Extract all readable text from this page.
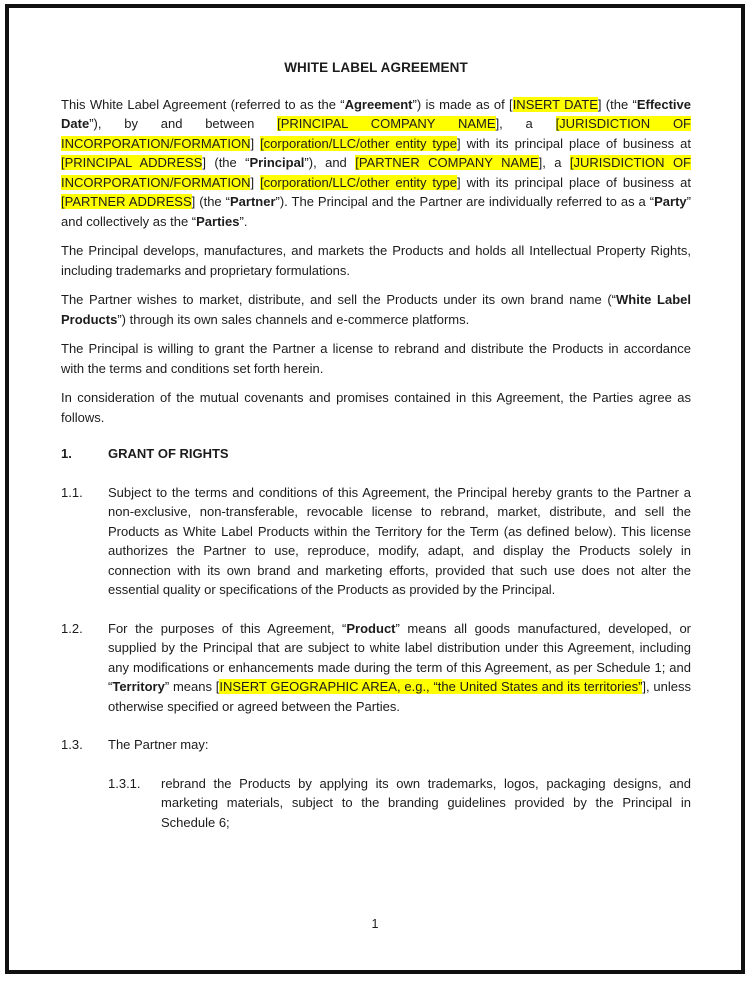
WHITE LABEL AGREEMENT

This White Label Agreement (referred to as the “Agreement”) is made as of [INSERT DATE] (the “Effective Date”), by and between [PRINCIPAL COMPANY NAME], a [JURISDICTION OF INCORPORATION/FORMATION] [corporation/LLC/other entity type] with its principal place of business at [PRINCIPAL ADDRESS] (the “Principal”), and [PARTNER COMPANY NAME], a [JURISDICTION OF INCORPORATION/FORMATION] [corporation/LLC/other entity type] with its principal place of business at [PARTNER ADDRESS] (the “Partner”). The Principal and the Partner are individually referred to as a “Party” and collectively as the “Parties”.

The Principal develops, manufactures, and markets the Products and holds all Intellectual Property Rights, including trademarks and proprietary formulations.

The Partner wishes to market, distribute, and sell the Products under its own brand name (“White Label Products”) through its own sales channels and e-commerce platforms.

The Principal is willing to grant the Partner a license to rebrand and distribute the Products in accordance with the terms and conditions set forth herein.

In consideration of the mutual covenants and promises contained in this Agreement, the Parties agree as follows.

1.	GRANT OF RIGHTS
1.1. Subject to the terms and conditions of this Agreement, the Principal hereby grants to the Partner a non-exclusive, non-transferable, revocable license to rebrand, market, distribute, and sell the Products as White Label Products within the Territory for the Term (as defined below). This license authorizes the Partner to use, reproduce, modify, adapt, and display the Products solely in connection with its own brand and marketing efforts, provided that such use does not alter the essential quality or specifications of the Products as provided by the Principal.
1.2. For the purposes of this Agreement, “Product” means all goods manufactured, developed, or supplied by the Principal that are subject to white label distribution under this Agreement, including any modifications or enhancements made during the term of this Agreement, as per Schedule 1; and “Territory” means [INSERT GEOGRAPHIC AREA, e.g., “the United States and its territories”], unless otherwise specified or agreed between the Parties.
1.3. The Partner may:
1.3.1. rebrand the Products by applying its own trademarks, logos, packaging designs, and marketing materials, subject to the branding guidelines provided by the Principal in Schedule 6;
1
